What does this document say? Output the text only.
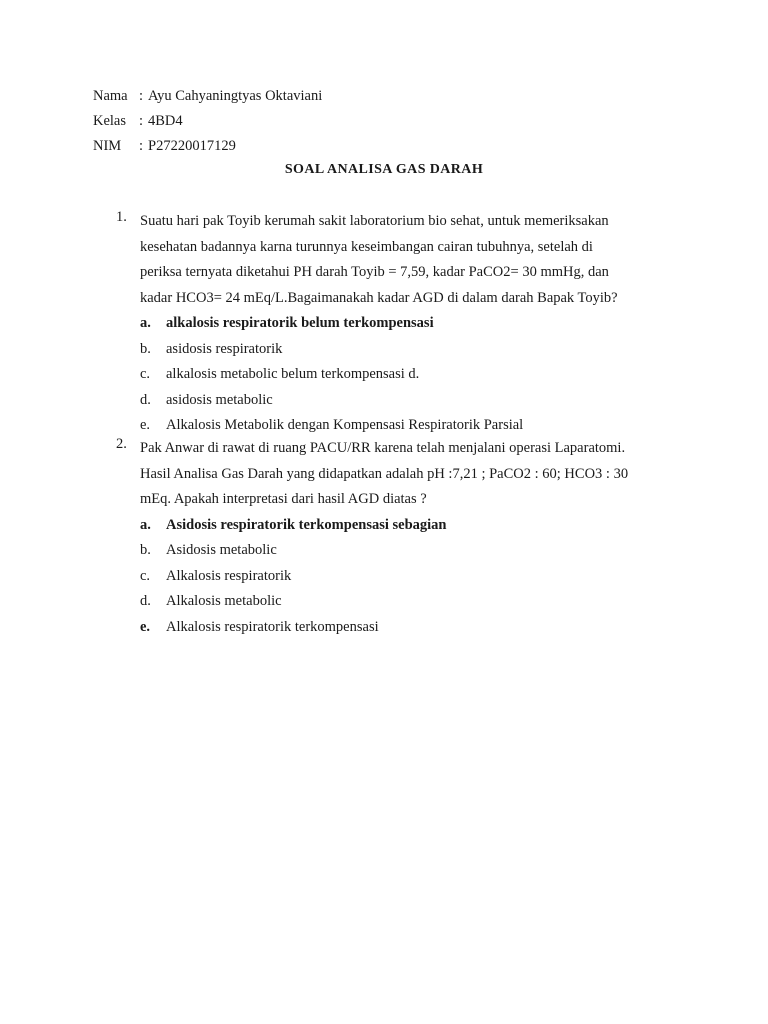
Nama : Ayu Cahyaningtyas Oktaviani
Kelas : 4BD4
NIM	: P27220017129
SOAL ANALISA GAS DARAH
1. Suatu hari pak Toyib kerumah sakit laboratorium bio sehat, untuk memeriksakan
kesehatan badannya karna turunnya keseimbangan cairan tubuhnya, setelah di
periksa ternyata diketahui PH darah Toyib = 7,59, kadar PaCO2= 30 mmHg, dan
kadar HCO3= 24 mEq/L.Bagaimanakah kadar AGD di dalam darah Bapak Toyib?
a.	alkalosis respiratorik belum terkompensasi
b.	asidosis respiratorik
c.	alkalosis metabolic belum terkompensasi d.
d.	asidosis metabolic
e.	Alkalosis Metabolik dengan Kompensasi Respiratorik Parsial
2. Pak Anwar di rawat di ruang PACU/RR karena telah menjalani operasi Laparatomi.
Hasil Analisa Gas Darah yang didapatkan adalah pH :7,21 ; PaCO2 : 60; HCO3 : 30
mEq. Apakah interpretasi dari hasil AGD diatas ?
a.	Asidosis respiratorik terkompensasi sebagian
b.	Asidosis metabolic
c.	Alkalosis respiratorik
d.	Alkalosis metabolic
e.	Alkalosis respiratorik terkompensasi
